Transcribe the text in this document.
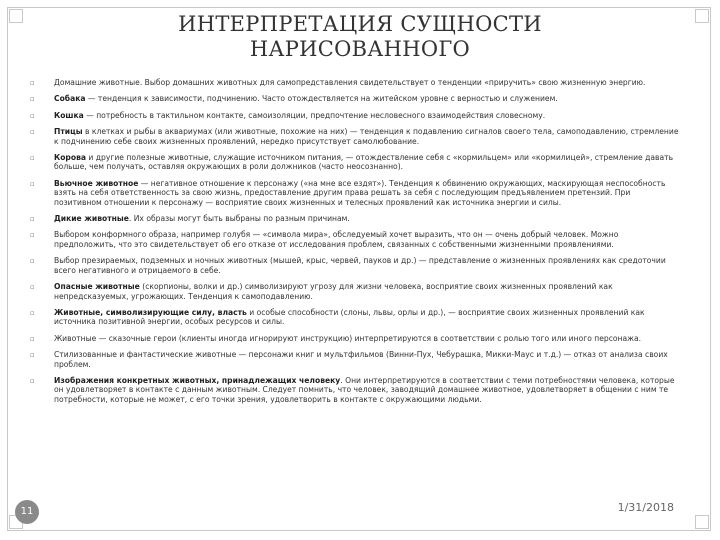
ИНТЕРПРЕТАЦИЯ СУЩНОСТИ
НАРИСОВАННОГО
▫	Домашние животные. Выбор домашних животных для самопредставления свидетельствует о тенденции «приручить» свою жизненную энергию.
▫	Собака — тенденция к зависимости, подчинению. Часто отождествляется на житейском уровне с верностью и служением.
▫	Кошка — потребность в тактильном контакте, самоизоляции, предпочтение несловесного взаимодействия словесному.
▫	Птицы в клетках и рыбы в аквариумах (или животные, похожие на них) — тенденция к подавлению сигналов своего тела, самоподавлению, стремление к подчинению себе своих жизненных проявлений, нередко присутствует самолюбование.
▫	Корова и другие полезные животные, служащие источником питания, — отождествление себя с «кормильцем» или «кормилицей», стремление давать больше, чем получать, оставляя окружающих в роли должников (часто неосознанно).
▫	Вьючное животное — негативное отношение к персонажу («на мне все ездят»). Тенденция к обвинению окружающих, маскирующая неспособность взять на себя ответственность за свою жизнь, предоставление другим права решать за себя с последующим предъявлением претензий. При позитивном отношении к персонажу — восприятие своих жизненных и телесных проявлений как источника энергии и силы.
▫	Дикие животные. Их образы могут быть выбраны по разным причинам.
▫	Выбором конформного образа, например голубя — «символа мира», обследуемый хочет выразить, что он — очень добрый человек. Можно предположить, что это свидетельствует об его отказе от исследования проблем, связанных с собственными жизненными проявлениями.
▫	Выбор презираемых, подземных и ночных животных (мышей, крыс, червей, пауков и др.) — представление о жизненных проявлениях как средоточии всего негативного и отрицаемого в себе.
▫	Опасные животные (скорпионы, волки и др.) символизируют угрозу для жизни человека, восприятие своих жизненных проявлений как непредсказуемых, угрожающих. Тенденция к самоподавлению.
▫	Животные, символизирующие силу, власть и особые способности (слоны, львы, орлы и др.), — восприятие своих жизненных проявлений как источника позитивной энергии, особых ресурсов и силы.
▫	Животные — сказочные герои (клиенты иногда игнорируют инструкцию) интерпретируются в соответствии с ролью того или иного персонажа.
▫	Стилизованные и фантастические животные — персонажи книг и мультфильмов (Винни-Пух, Чебурашка, Микки-Маус и т.д.) — отказ от анализа своих проблем.
▫	Изображения конкретных животных, принадлежащих человеку. Они интерпретируются в соответствии с теми потребностями человека, которые он удовлетворяет в контакте с данным животным. Следует помнить, что человек, заводящий домашнее животное, удовлетворяет в общении с ним те потребности, которые не может, с его точки зрения, удовлетворить в контакте с окружающими людьми.
11	1/31/2018
